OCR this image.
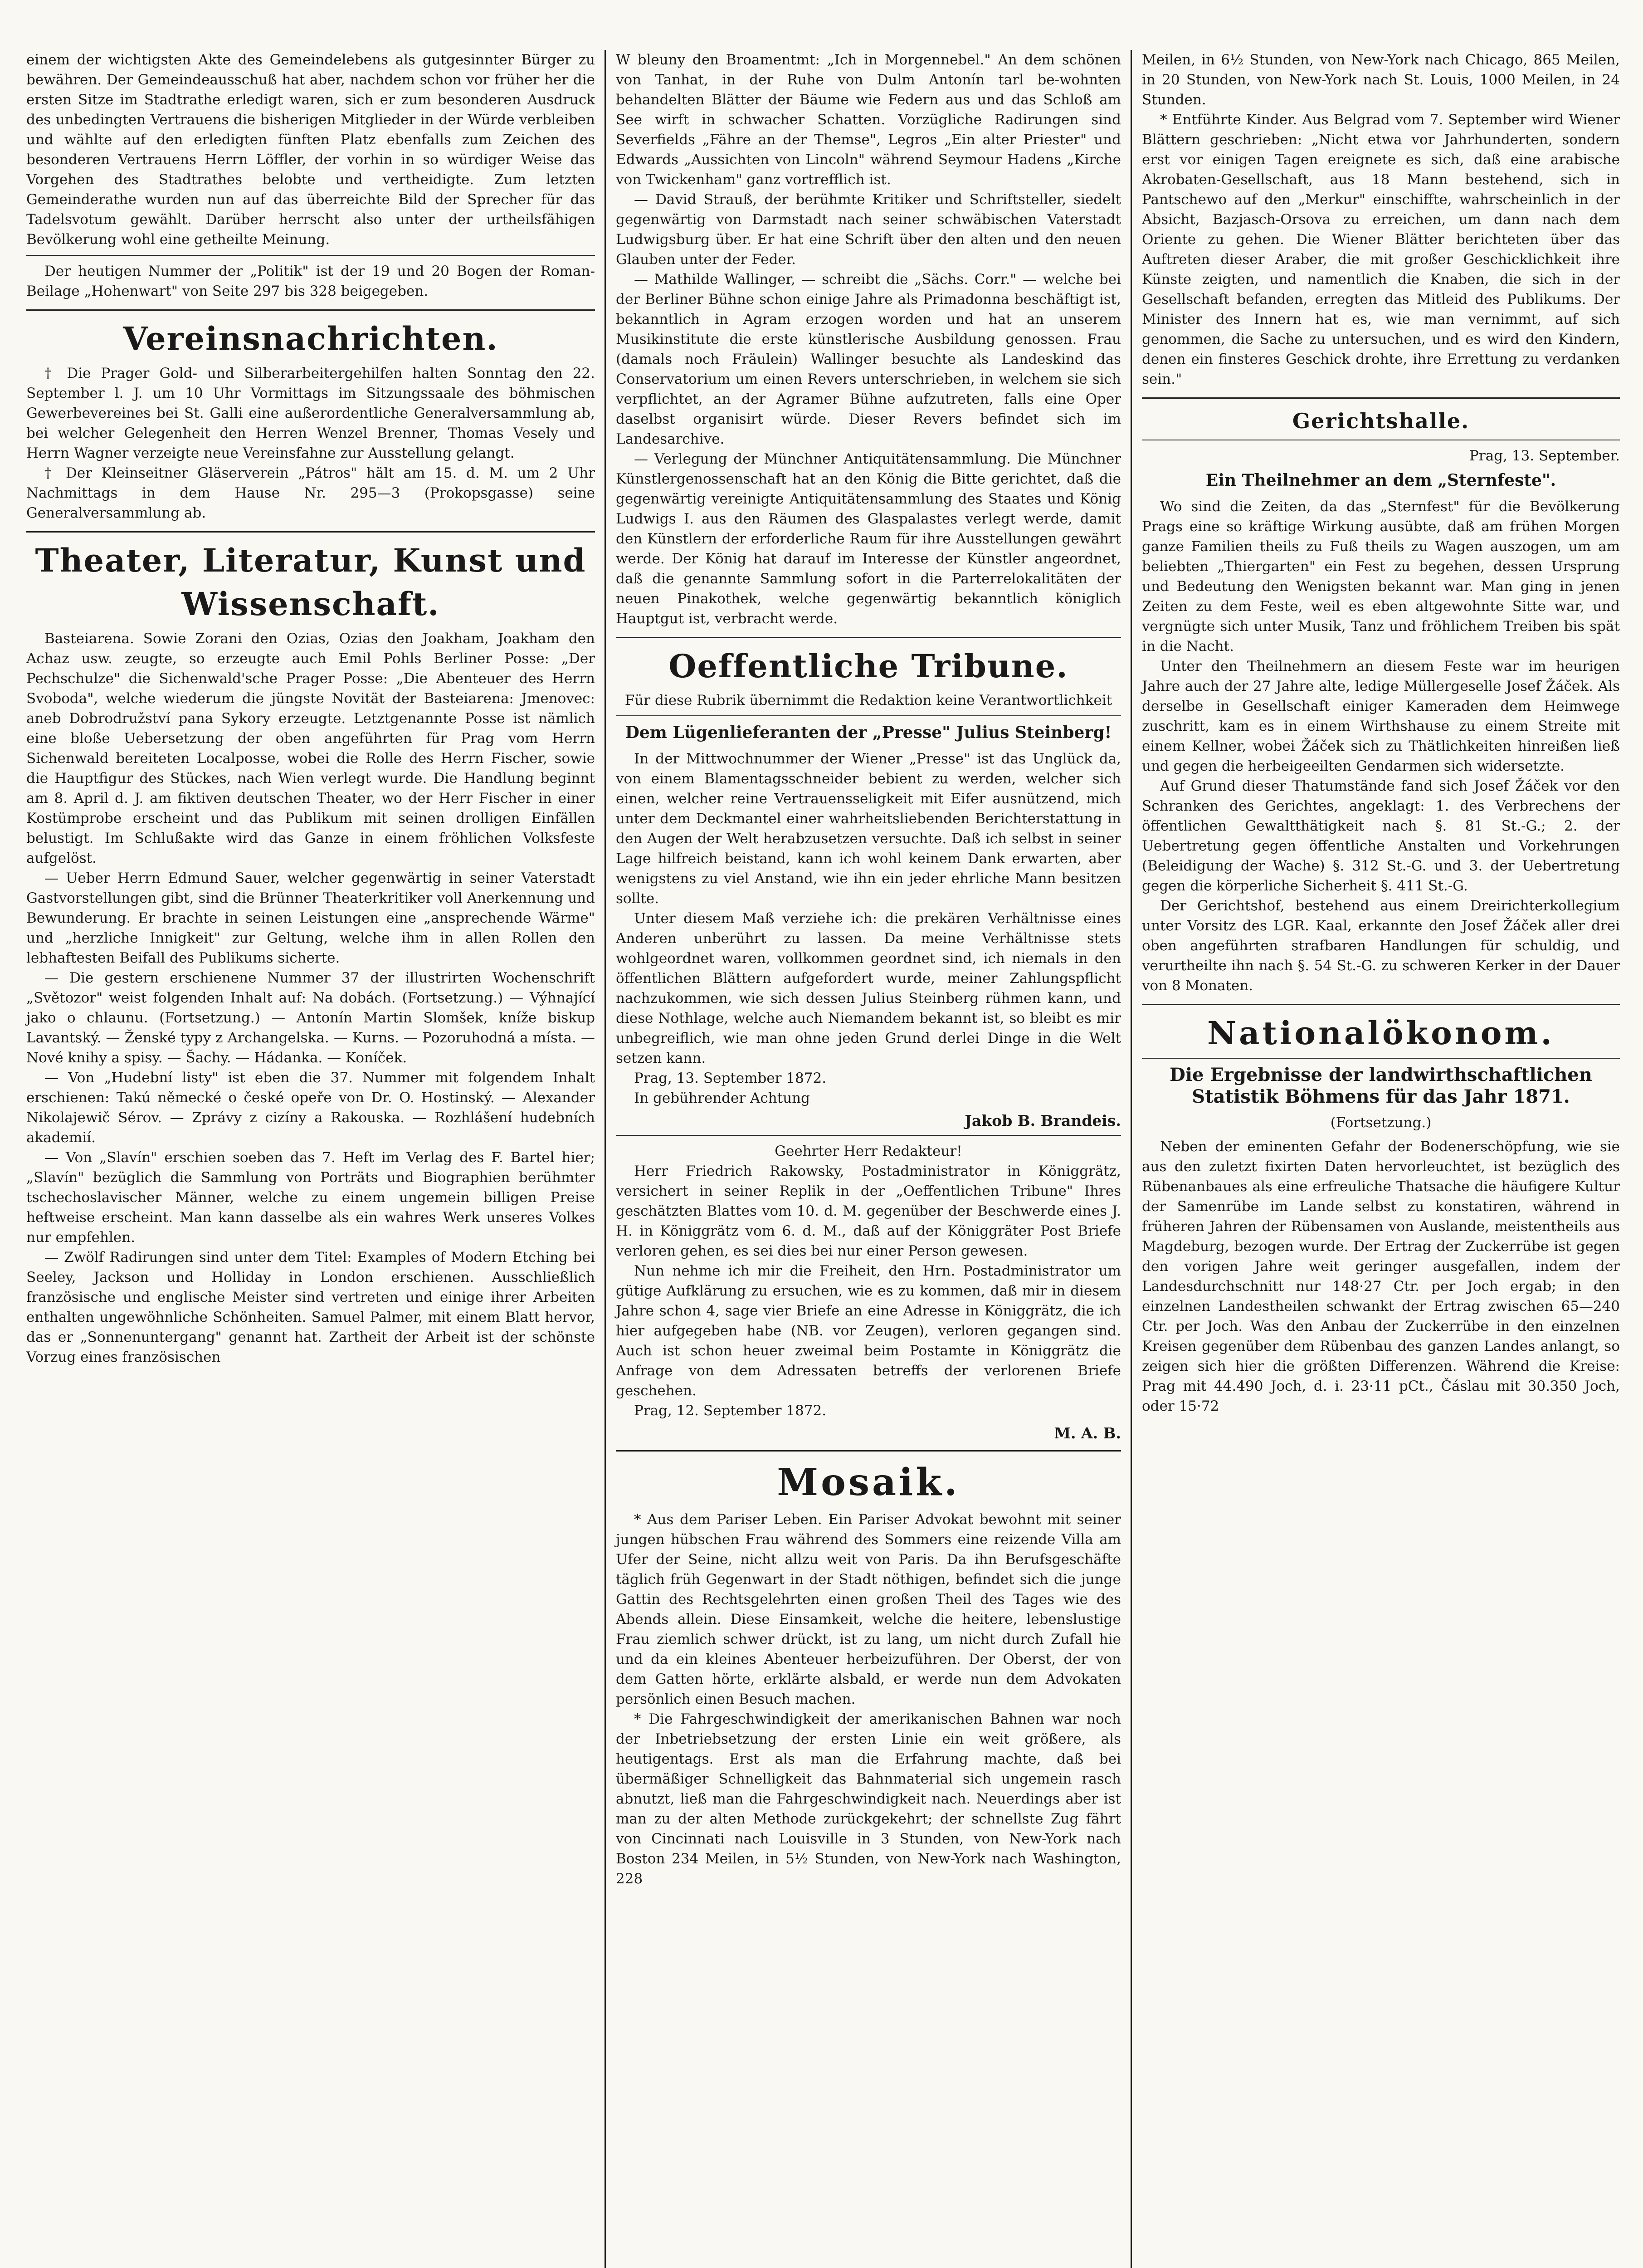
einem der wichtigsten Akte des Gemeindelebens als gutgesinnter Bürger zu bewähren. Der Gemeindeausschuß hat aber, nachdem schon vor früher her die ersten Sitze im Stadtrathe erledigt waren, sich er zum besonderen Ausdruck des unbedingten Vertrauens die bisherigen Mitglieder in der Würde verbleiben und wählte auf den erledigten fünften Platz ebenfalls zum Zeichen des besonderen Vertrauens Herrn Löffler, der vorhin in so würdiger Weise das Vorgehen des Stadtrathes belobte und vertheidigte. Zum letzten Gemeinderathe wurden nun auf das überreichte Bild der Sprecher für das Tadelsvotum gewählt. Darüber herrscht also unter der urtheilsfähigen Bevölkerung wohl eine getheilte Meinung.

Der heutigen Nummer der „Politik" ist der 19 und 20 Bogen der Roman-Beilage „Hohenwart" von Seite 297 bis 328 beigegeben.

Vereinsnachrichten.

† Die Prager Gold- und Silberarbeitergehilfen halten Sonntag den 22. September l. J. um 10 Uhr Vormittags im Sitzungssaale des böhmischen Gewerbevereines bei St. Galli eine außerordentliche Generalversammlung ab, bei welcher Gelegenheit den Herren Wenzel Brenner, Thomas Vesely und Herrn Wagner verzeigte neue Vereinsfahne zur Ausstellung gelangt.

† Der Kleinseitner Gläserverein „Pátros" hält am 15. d. M. um 2 Uhr Nachmittags in dem Hause Nr. 295—3 (Prokopsgasse) seine Generalversammlung ab.

Theater, Literatur, Kunst und
Wissenschaft.

Basteiarena. Sowie Zorani den Ozias, Ozias den Joakham, Joakham den Achaz usw. zeugte, so erzeugte auch Emil Pohls Berliner Posse: „Der Pechschulze" die Sichenwald'sche Prager Posse: „Die Abenteuer des Herrn Svoboda", welche wiederum die jüngste Novität der Basteiarena: Jmenovec: aneb Dobrodružství pana Sykory erzeugte. Letztgenannte Posse ist nämlich eine bloße Uebersetzung der oben angeführten für Prag vom Herrn Sichenwald bereiteten Localposse, wobei die Rolle des Herrn Fischer, sowie die Hauptfigur des Stückes, nach Wien verlegt wurde. Die Handlung beginnt am 8. April d. J. am fiktiven deutschen Theater, wo der Herr Fischer in einer Kostümprobe erscheint und das Publikum mit seinen drolligen Einfällen belustigt. Im Schlußakte wird das Ganze in einem fröhlichen Volksfeste aufgelöst.

— Ueber Herrn Edmund Sauer, welcher gegenwärtig in seiner Vaterstadt Gastvorstellungen gibt, sind die Brünner Theaterkritiker voll Anerkennung und Bewunderung. Er brachte in seinen Leistungen eine „ansprechende Wärme" und „herzliche Innigkeit" zur Geltung, welche ihm in allen Rollen den lebhaftesten Beifall des Publikums sicherte.

— Die gestern erschienene Nummer 37 der illustrirten Wochenschrift „Světozor" weist folgenden Inhalt auf: Na dobách. (Fortsetzung.) — Výhnající jako o chlaunu. (Fortsetzung.) — Antonín Martin Slomšek, kníže biskup Lavantský. — Ženské typy z Archangelska. — Kurns. — Pozoruhodná a místa. — Nové knihy a spisy. — Šachy. — Hádanka. — Koníček.

— Von „Hudební listy" ist eben die 37. Nummer mit folgendem Inhalt erschienen: Takú německé o české opeře von Dr. O. Hostinský. — Alexander Nikolajewič Sérov. — Zprávy z cizíny a Rakouska. — Rozhlášení hudebních akademií.

— Von „Slavín" erschien soeben das 7. Heft im Verlag des F. Bartel hier; „Slavín" bezüglich die Sammlung von Porträts und Biographien berühmter tschechoslavischer Männer, welche zu einem ungemein billigen Preise heftweise erscheint. Man kann dasselbe als ein wahres Werk unseres Volkes nur empfehlen.

— Zwölf Radirungen sind unter dem Titel: Examples of Modern Etching bei Seeley, Jackson und Holliday in London erschienen. Ausschließlich französische und englische Meister sind vertreten und einige ihrer Arbeiten enthalten ungewöhnliche Schönheiten. Samuel Palmer, mit einem Blatt hervor, das er „Sonnenuntergang" genannt hat. Zartheit der Arbeit ist der schönste Vorzug eines französischen

W bleuny den Broamentmt: „Ich in Morgennebel." An dem schönen von Tanhat, in der Ruhe von Dulm Antonín tarl be-wohnten behandelten Blätter der Bäume wie Federn aus und das Schloß am See wirft in schwacher Schatten. Vorzügliche Radirungen sind Severfields „Fähre an der Themse", Legros „Ein alter Priester" und Edwards „Aussichten von Lincoln" während Seymour Hadens „Kirche von Twickenham" ganz vortrefflich ist.

— David Strauß, der berühmte Kritiker und Schriftsteller, siedelt gegenwärtig von Darmstadt nach seiner schwäbischen Vaterstadt Ludwigsburg über. Er hat eine Schrift über den alten und den neuen Glauben unter der Feder.

— Mathilde Wallinger, — schreibt die „Sächs. Corr." — welche bei der Berliner Bühne schon einige Jahre als Primadonna beschäftigt ist, bekanntlich in Agram erzogen worden und hat an unserem Musikinstitute die erste künstlerische Ausbildung genossen. Frau (damals noch Fräulein) Wallinger besuchte als Landeskind das Conservatorium um einen Revers unterschrieben, in welchem sie sich verpflichtet, an der Agramer Bühne aufzutreten, falls eine Oper daselbst organisirt würde. Dieser Revers befindet sich im Landesarchive.

— Verlegung der Münchner Antiquitätensammlung. Die Münchner Künstlergenossenschaft hat an den König die Bitte gerichtet, daß die gegenwärtig vereinigte Antiquitätensammlung des Staates und König Ludwigs I. aus den Räumen des Glaspalastes verlegt werde, damit den Künstlern der erforderliche Raum für ihre Ausstellungen gewährt werde. Der König hat darauf im Interesse der Künstler angeordnet, daß die genannte Sammlung sofort in die Parterrelokalitäten der neuen Pinakothek, welche gegenwärtig bekanntlich königlich Hauptgut ist, verbracht werde.

Oeffentliche Tribune.
Für diese Rubrik übernimmt die Redaktion keine Verantwortlichkeit
Dem Lügenlieferanten der „Presse" Julius Steinberg!

In der Mittwochnummer der Wiener „Presse" ist das Unglück da, von einem Blamentagsschneider bebient zu werden, welcher sich einen, welcher reine Vertrauensseligkeit mit Eifer ausnützend, mich unter dem Deckmantel einer wahrheitsliebenden Berichterstattung in den Augen der Welt herabzusetzen versuchte. Daß ich selbst in seiner Lage hilfreich beistand, kann ich wohl keinem Dank erwarten, aber wenigstens zu viel Anstand, wie ihn ein jeder ehrliche Mann besitzen sollte.

Unter diesem Maß verziehe ich: die prekären Verhältnisse eines Anderen unberührt zu lassen. Da meine Verhältnisse stets wohlgeordnet waren, vollkommen geordnet sind, ich niemals in den öffentlichen Blättern aufgefordert wurde, meiner Zahlungspflicht nachzukommen, wie sich dessen Julius Steinberg rühmen kann, und diese Nothlage, welche auch Niemandem bekannt ist, so bleibt es mir unbegreiflich, wie man ohne jeden Grund derlei Dinge in die Welt setzen kann.

Prag, 13. September 1872.

In gebührender Achtung

Jakob B. Brandeis.

Geehrter Herr Redakteur!

Herr Friedrich Rakowsky, Postadministrator in Königgrätz, versichert in seiner Replik in der „Oeffentlichen Tribune" Ihres geschätzten Blattes vom 10. d. M. gegenüber der Beschwerde eines J. H. in Königgrätz vom 6. d. M., daß auf der Königgräter Post Briefe verloren gehen, es sei dies bei nur einer Person gewesen.

Nun nehme ich mir die Freiheit, den Hrn. Postadministrator um gütige Aufklärung zu ersuchen, wie es zu kommen, daß mir in diesem Jahre schon 4, sage vier Briefe an eine Adresse in Königgrätz, die ich hier aufgegeben habe (NB. vor Zeugen), verloren gegangen sind. Auch ist schon heuer zweimal beim Postamte in Königgrätz die Anfrage von dem Adressaten betreffs der verlorenen Briefe geschehen.

Prag, 12. September 1872.

M. A. B.
Mosaik.

* Aus dem Pariser Leben. Ein Pariser Advokat bewohnt mit seiner jungen hübschen Frau während des Sommers eine reizende Villa am Ufer der Seine, nicht allzu weit von Paris. Da ihn Berufsgeschäfte täglich früh Gegenwart in der Stadt nöthigen, befindet sich die junge Gattin des Rechtsgelehrten einen großen Theil des Tages wie des Abends allein. Diese Einsamkeit, welche die heitere, lebenslustige Frau ziemlich schwer drückt, ist zu lang, um nicht durch Zufall hie und da ein kleines Abenteuer herbeizuführen. Der Oberst, der von dem Gatten hörte, erklärte alsbald, er werde nun dem Advokaten persönlich einen Besuch machen.

* Die Fahrgeschwindigkeit der amerikanischen Bahnen war noch der Inbetriebsetzung der ersten Linie ein weit größere, als heutigentags. Erst als man die Erfahrung machte, daß bei übermäßiger Schnelligkeit das Bahnmaterial sich ungemein rasch abnutzt, ließ man die Fahrgeschwindigkeit nach. Neuerdings aber ist man zu der alten Methode zurückgekehrt; der schnellste Zug fährt von Cincinnati nach Louisville in 3 Stunden, von New-York nach Boston 234 Meilen, in 5½ Stunden, von New-York nach Washington, 228

Meilen, in 6½ Stunden, von New-York nach Chicago, 865 Meilen, in 20 Stunden, von New-York nach St. Louis, 1000 Meilen, in 24 Stunden.

* Entführte Kinder. Aus Belgrad vom 7. September wird Wiener Blättern geschrieben: „Nicht etwa vor Jahrhunderten, sondern erst vor einigen Tagen ereignete es sich, daß eine arabische Akrobaten-Gesellschaft, aus 18 Mann bestehend, sich in Pantschewo auf den „Merkur" einschiffte, wahrscheinlich in der Absicht, Bazjasch-Orsova zu erreichen, um dann nach dem Oriente zu gehen. Die Wiener Blätter berichteten über das Auftreten dieser Araber, die mit großer Geschicklichkeit ihre Künste zeigten, und namentlich die Knaben, die sich in der Gesellschaft befanden, erregten das Mitleid des Publikums. Der Minister des Innern hat es, wie man vernimmt, auf sich genommen, die Sache zu untersuchen, und es wird den Kindern, denen ein finsteres Geschick drohte, ihre Errettung zu verdanken sein."

Gerichtshalle.

Prag, 13. September.

Ein Theilnehmer an dem „Sternfeste".

Wo sind die Zeiten, da das „Sternfest" für die Bevölkerung Prags eine so kräftige Wirkung ausübte, daß am frühen Morgen ganze Familien theils zu Fuß theils zu Wagen auszogen, um am beliebten „Thiergarten" ein Fest zu begehen, dessen Ursprung und Bedeutung den Wenigsten bekannt war. Man ging in jenen Zeiten zu dem Feste, weil es eben altgewohnte Sitte war, und vergnügte sich unter Musik, Tanz und fröhlichem Treiben bis spät in die Nacht.

Unter den Theilnehmern an diesem Feste war im heurigen Jahre auch der 27 Jahre alte, ledige Müllergeselle Josef Žáček. Als derselbe in Gesellschaft einiger Kameraden dem Heimwege zuschritt, kam es in einem Wirthshause zu einem Streite mit einem Kellner, wobei Žáček sich zu Thätlichkeiten hinreißen ließ und gegen die herbeigeeilten Gendarmen sich widersetzte.

Auf Grund dieser Thatumstände fand sich Josef Žáček vor den Schranken des Gerichtes, angeklagt: 1. des Verbrechens der öffentlichen Gewaltthätigkeit nach §. 81 St.-G.; 2. der Uebertretung gegen öffentliche Anstalten und Vorkehrungen (Beleidigung der Wache) §. 312 St.-G. und 3. der Uebertretung gegen die körperliche Sicherheit §. 411 St.-G.

Der Gerichtshof, bestehend aus einem Dreirichterkollegium unter Vorsitz des LGR. Kaal, erkannte den Josef Žáček aller drei oben angeführten strafbaren Handlungen für schuldig, und verurtheilte ihn nach §. 54 St.-G. zu schweren Kerker in der Dauer von 8 Monaten.

Nationalökonom.
Die Ergebnisse der landwirthschaftlichen
Statistik Böhmens für das Jahr 1871.
(Fortsetzung.)

Neben der eminenten Gefahr der Bodenerschöpfung, wie sie aus den zuletzt fixirten Daten hervorleuchtet, ist bezüglich des Rübenanbaues als eine erfreuliche Thatsache die häufigere Kultur der Samenrübe im Lande selbst zu konstatiren, während in früheren Jahren der Rübensamen von Auslande, meistentheils aus Magdeburg, bezogen wurde. Der Ertrag der Zuckerrübe ist gegen den vorigen Jahre weit geringer ausgefallen, indem der Landesdurchschnitt nur 148·27 Ctr. per Joch ergab; in den einzelnen Landestheilen schwankt der Ertrag zwischen 65—240 Ctr. per Joch. Was den Anbau der Zuckerrübe in den einzelnen Kreisen gegenüber dem Rübenbau des ganzen Landes anlangt, so zeigen sich hier die größten Differenzen. Während die Kreise: Prag mit 44.490 Joch, d. i. 23·11 pCt., Čáslau mit 30.350 Joch, oder 15·72
